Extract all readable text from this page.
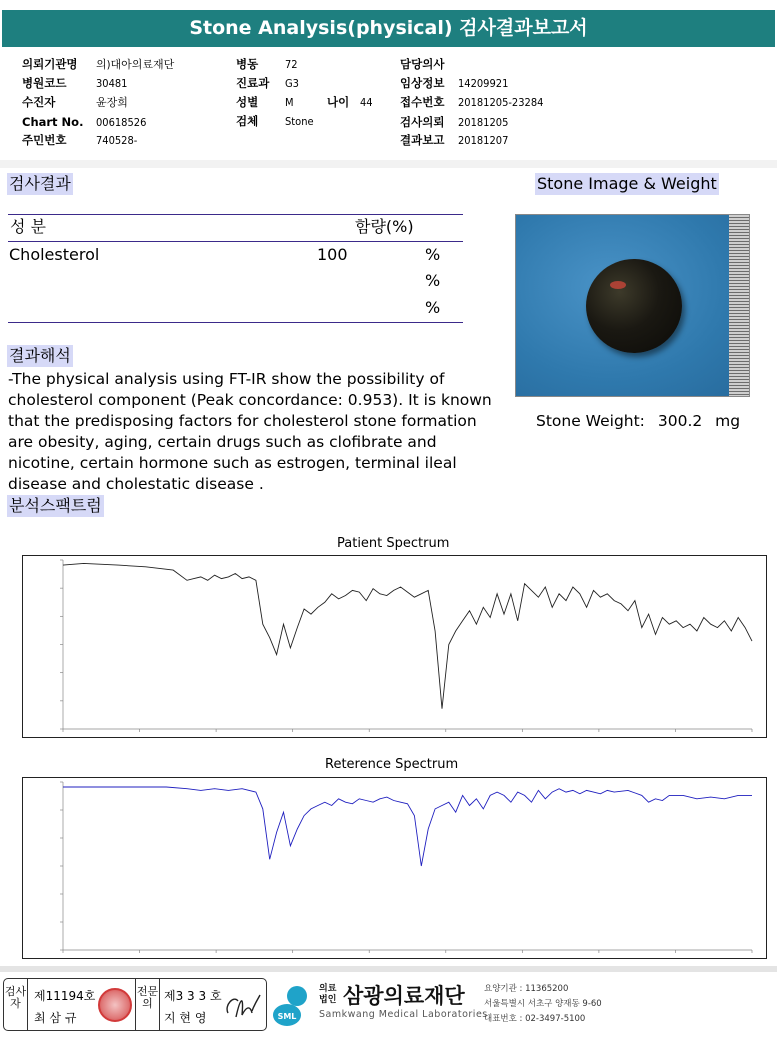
Stone Analysis(physical) 검사결과보고서
의뢰기관명 의)대아의료재단
병원코드	30481
수진자	윤장희
Chart No. 00618526
주민번호	740528-
병동 72
진료과 G3
성별 M	나이 44
검체 Stone
담당의사
임상정보 14209921
접수번호 20181205-23284
검사의뢰 20181205
결과보고 20181207
검사결과	Stone Image & Weight
성 분	함량(%)
Cholesterol	100	%
%
%
Stone Weight: 300.2 mg
결과해석
-The physical analysis using FT-IR show the possibility of cholesterol component (Peak concordance: 0.953). It is known that the predisposing factors for cholesterol stone formation are obesity, aging, certain drugs such as clofibrate and nicotine, certain hormone such as estrogen, terminal ileal disease and cholestatic disease .
분석스팩트럼
Patient Spectrum
Reterence Spectrum
검사자
제11194호
최 삼 규
전문의
제3 3 3 호
지 현 영	SML
의료
법인 삼광의료재단
Samkwang Medical Laboratories
요양기관 : 11365200
서울특별시 서초구 양재동 9-60
대표번호 : 02-3497-5100
